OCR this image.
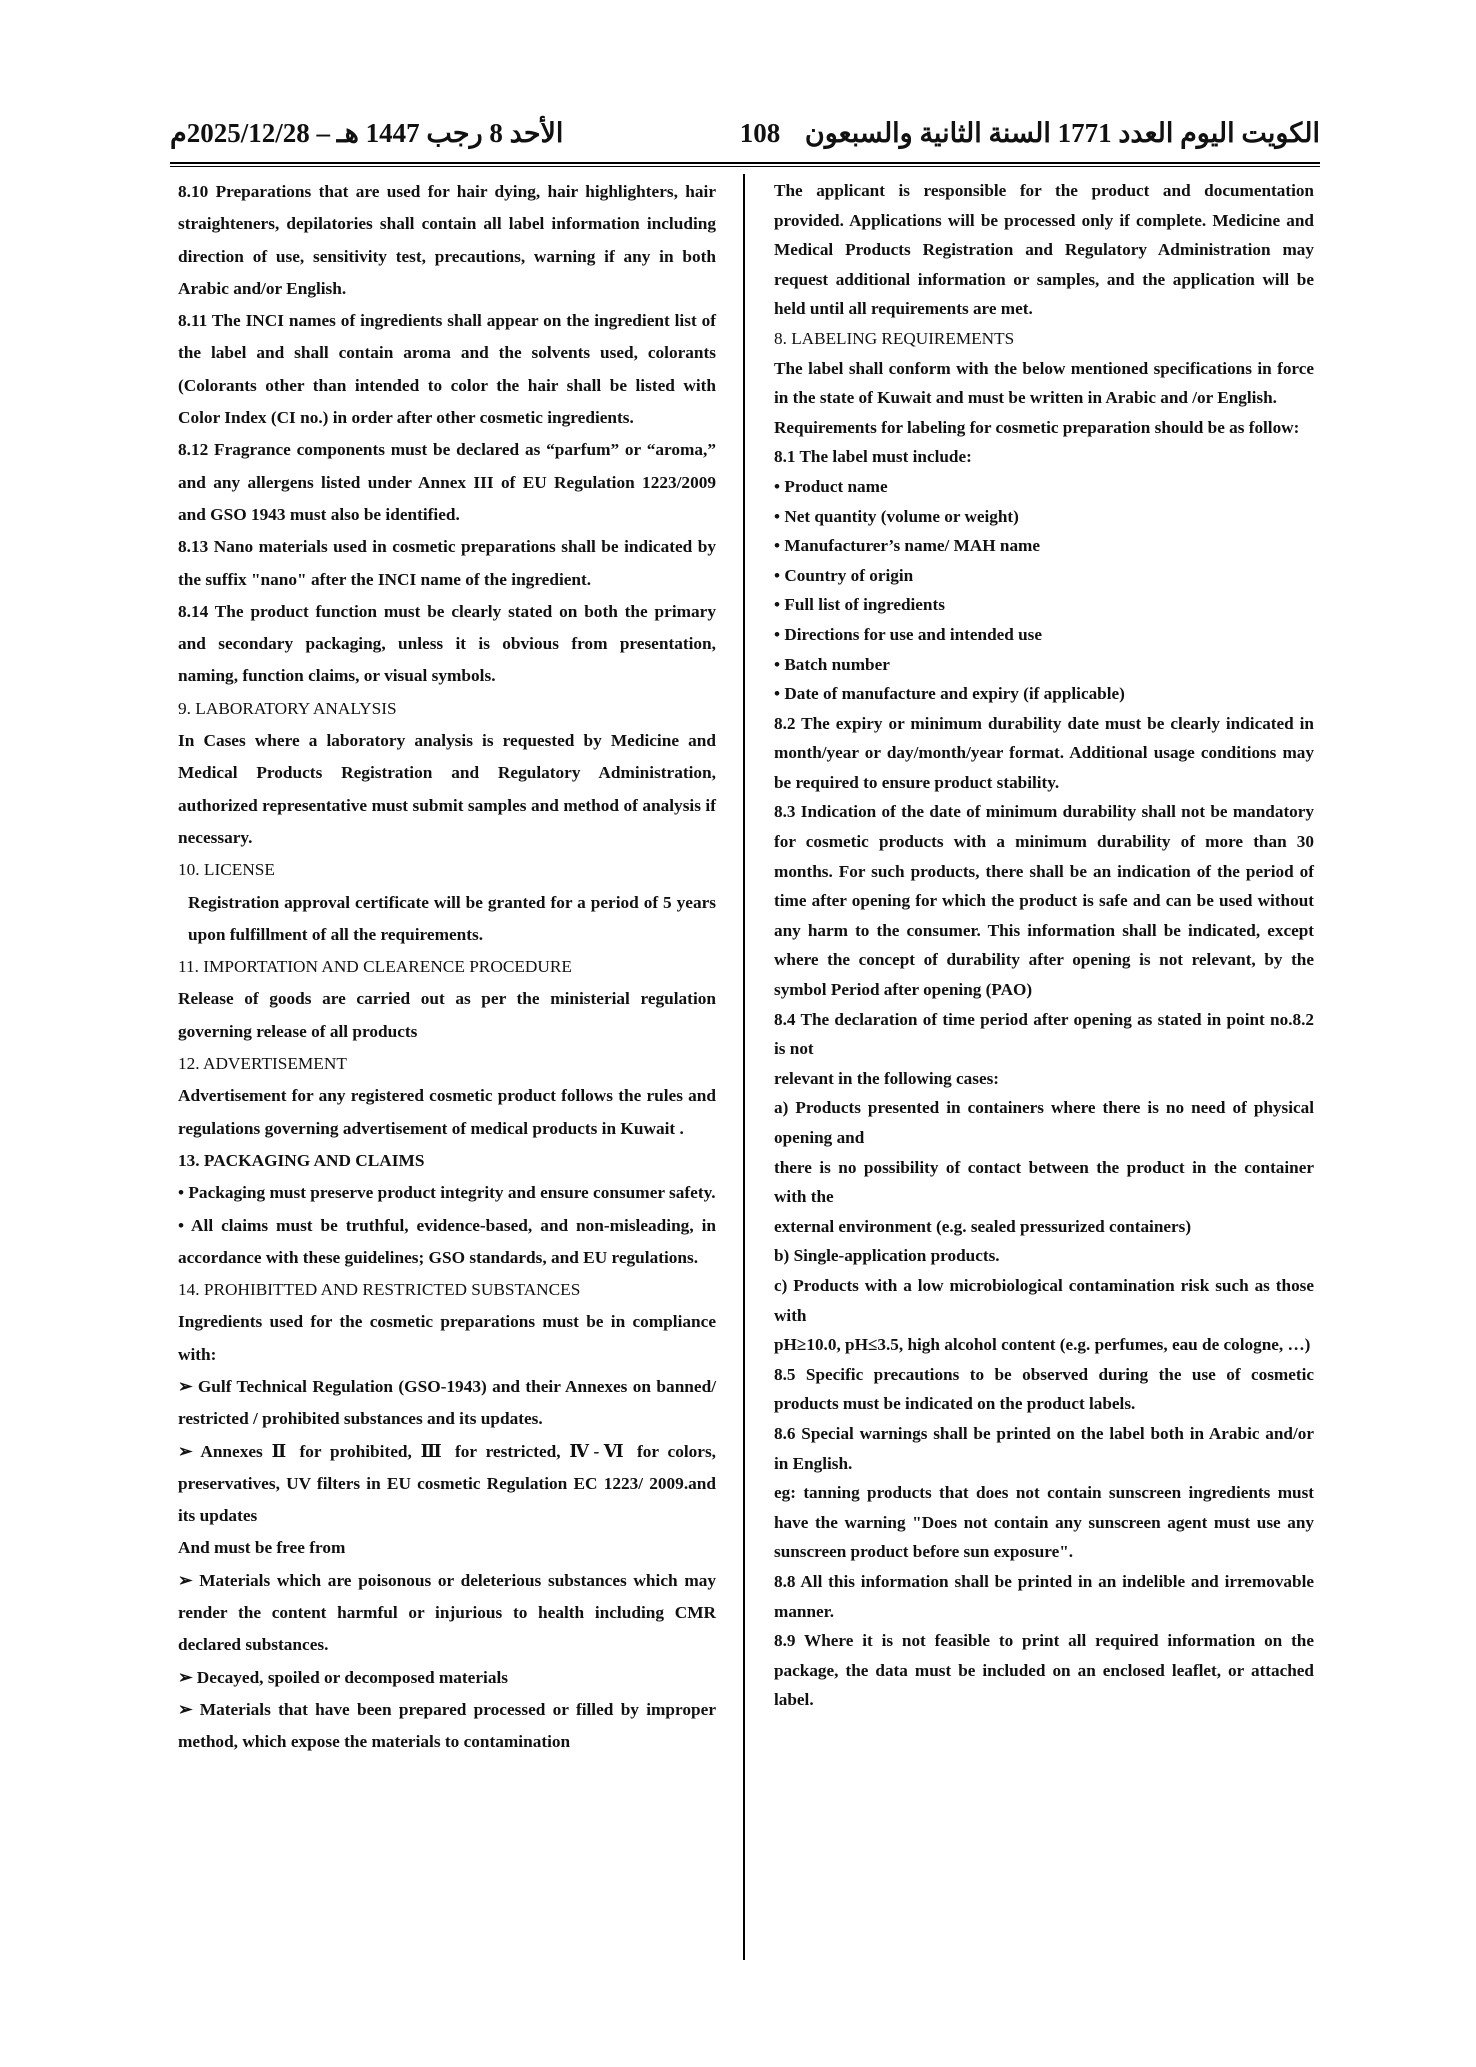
الأحد 8 رجب 1447 هـ – 2025/12/28م	108 الكويت اليوم العدد 1771 السنة الثانية والسبعون

8.10 Preparations that are used for hair dying, hair highlighters, hair straighteners, depilatories shall contain all label information including direction of use, sensitivity test, precautions, warning if any in both Arabic and/or English.

8.11 The INCI names of ingredients shall appear on the ingredient list of the label and shall contain aroma and the solvents used, colorants (Colorants other than intended to color the hair shall be listed with Color Index (CI no.) in order after other cosmetic ingredients.

8.12 Fragrance components must be declared as “parfum” or “aroma,” and any allergens listed under Annex III of EU Regulation 1223/2009 and GSO 1943 must also be identified.

8.13 Nano materials used in cosmetic preparations shall be indicated by the suffix "nano" after the INCI name of the ingredient.

8.14 The product function must be clearly stated on both the primary and secondary packaging, unless it is obvious from presentation, naming, function claims, or visual symbols.

9. LABORATORY ANALYSIS

In Cases where a laboratory analysis is requested by Medicine and Medical Products Registration and Regulatory Administration, authorized representative must submit samples and method of analysis if necessary.

10. LICENSE

Registration approval certificate will be granted for a period of 5 years upon fulfillment of all the requirements.

11. IMPORTATION AND CLEARENCE PROCEDURE

Release of goods are carried out as per the ministerial regulation governing release of all products

12. ADVERTISEMENT

Advertisement for any registered cosmetic product follows the rules and regulations governing advertisement of medical products in Kuwait .

13. PACKAGING AND CLAIMS

• Packaging must preserve product integrity and ensure consumer safety.

• All claims must be truthful, evidence-based, and non-misleading, in accordance with these guidelines; GSO standards, and EU regulations.

14. PROHIBITTED AND RESTRICTED SUBSTANCES

Ingredients used for the cosmetic preparations must be in compliance with:

➢ Gulf Technical Regulation (GSO-1943) and their Annexes on banned/ restricted / prohibited substances and its updates.

➢ Annexes Ⅱ for prohibited, Ⅲ for restricted, Ⅳ-Ⅵ for colors, preservatives, UV filters in EU cosmetic Regulation EC 1223/ 2009.and its updates

And must be free from

➢ Materials which are poisonous or deleterious substances which may render the content harmful or injurious to health including CMR declared substances.

➢ Decayed, spoiled or decomposed materials

➢ Materials that have been prepared processed or filled by improper method, which expose the materials to contamination

The applicant is responsible for the product and documentation provided. Applications will be processed only if complete. Medicine and Medical Products Registration and Regulatory Administration may request additional information or samples, and the application will be held until all requirements are met.

8. LABELING REQUIREMENTS

The label shall conform with the below mentioned specifications in force in the state of Kuwait and must be written in Arabic and /or English.

Requirements for labeling for cosmetic preparation should be as follow:

8.1 The label must include:

• Product name

• Net quantity (volume or weight)

• Manufacturer’s name/ MAH name

• Country of origin

• Full list of ingredients

• Directions for use and intended use

• Batch number

• Date of manufacture and expiry (if applicable)

8.2 The expiry or minimum durability date must be clearly indicated in month/year or day/month/year format. Additional usage conditions may be required to ensure product stability.

8.3 Indication of the date of minimum durability shall not be mandatory for cosmetic products with a minimum durability of more than 30 months. For such products, there shall be an indication of the period of time after opening for which the product is safe and can be used without any harm to the consumer. This information shall be indicated, except where the concept of durability after opening is not relevant, by the symbol Period after opening (PAO)

8.4 The declaration of time period after opening as stated in point no.8.2 is not

relevant in the following cases:

a) Products presented in containers where there is no need of physical opening and

there is no possibility of contact between the product in the container with the

external environment (e.g. sealed pressurized containers)

b) Single-application products.

c) Products with a low microbiological contamination risk such as those with

pH≥10.0, pH≤3.5, high alcohol content (e.g. perfumes, eau de cologne, …)

8.5 Specific precautions to be observed during the use of cosmetic products must be indicated on the product labels.

8.6 Special warnings shall be printed on the label both in Arabic and/or in English.

eg: tanning products that does not contain sunscreen ingredients must have the warning "Does not contain any sunscreen agent must use any sunscreen product before sun exposure".

8.8 All this information shall be printed in an indelible and irremovable manner.

8.9 Where it is not feasible to print all required information on the package, the data must be included on an enclosed leaflet, or attached label.
